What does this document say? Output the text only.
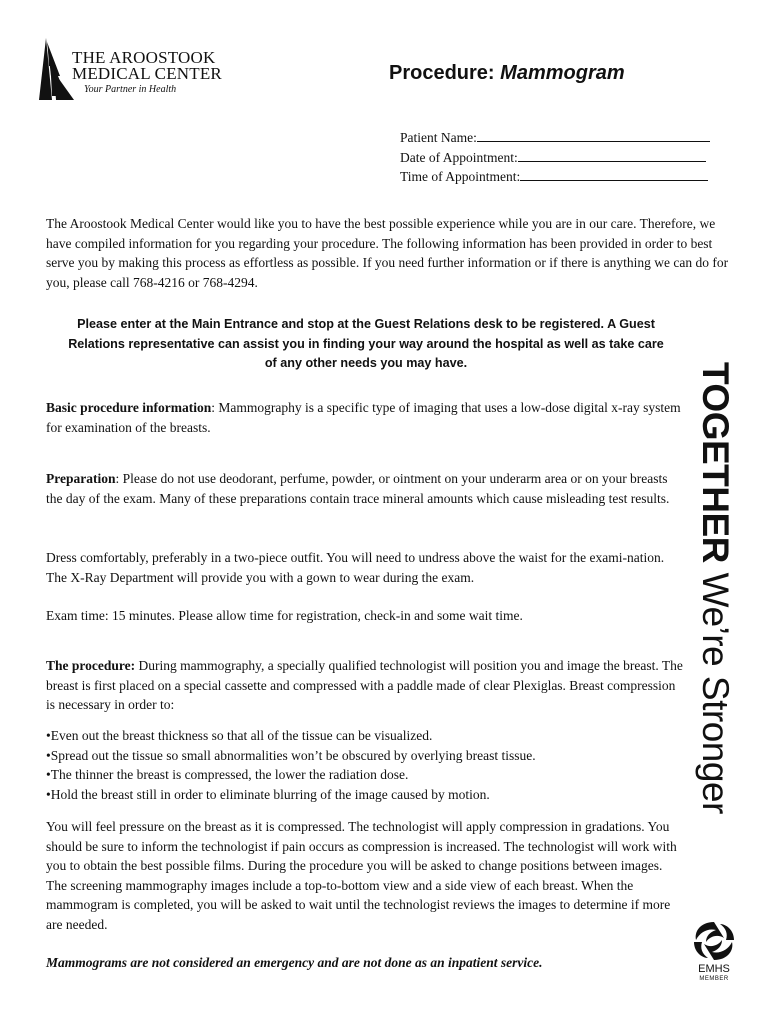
THE AROOSTOOK
MEDICAL CENTER
Your Partner in Health
Procedure: Mammogram
Patient Name:
Date of Appointment:
Time of Appointment:

The Aroostook Medical Center would like you to have the best possible experience while you are in our care. Therefore, we have compiled information for you regarding your procedure. The following information has been provided in order to best serve you by making this process as effortless as possible. If you need further information or if there is anything we can do for you, please call 768-4216 or 768-4294.

Please enter at the Main Entrance and stop at the Guest Relations desk to be registered. A Guest Relations representative can assist you in finding your way around the hospital as well as take care of any other needs you may have.

Basic procedure information: Mammography is a specific type of imaging that uses a low-dose digital x-ray system for examination of the breasts.

Preparation: Please do not use deodorant, perfume, powder, or ointment on your underarm area or on your breasts the day of the exam. Many of these preparations contain trace mineral amounts which cause misleading test results.

Dress comfortably, preferably in a two-piece outfit. You will need to undress above the waist for the exami-nation. The X-Ray Department will provide you with a gown to wear during the exam.

Exam time: 15 minutes. Please allow time for registration, check-in and some wait time.

The procedure: During mammography, a specially qualified technologist will position you and image the breast. The breast is first placed on a special cassette and compressed with a paddle made of clear Plexiglas. Breast compression is necessary in order to:

• Even out the breast thickness so that all of the tissue can be visualized.
• Spread out the tissue so small abnormalities won’t be obscured by overlying breast tissue.
• The thinner the breast is compressed, the lower the radiation dose.
• Hold the breast still in order to eliminate blurring of the image caused by motion.

You will feel pressure on the breast as it is compressed. The technologist will apply compression in gradations. You should be sure to inform the technologist if pain occurs as compression is increased. The technologist will work with you to obtain the best possible films. During the procedure you will be asked to change positions between images. The screening mammography images include a top-to-bottom view and a side view of each breast. When the mammogram is completed, you will be asked to wait until the technologist reviews the images to determine if more are needed.

Mammograms are not considered an emergency and are not done as an inpatient service.
TOGETHER We’re Stronger
EMHS
MEMBER
